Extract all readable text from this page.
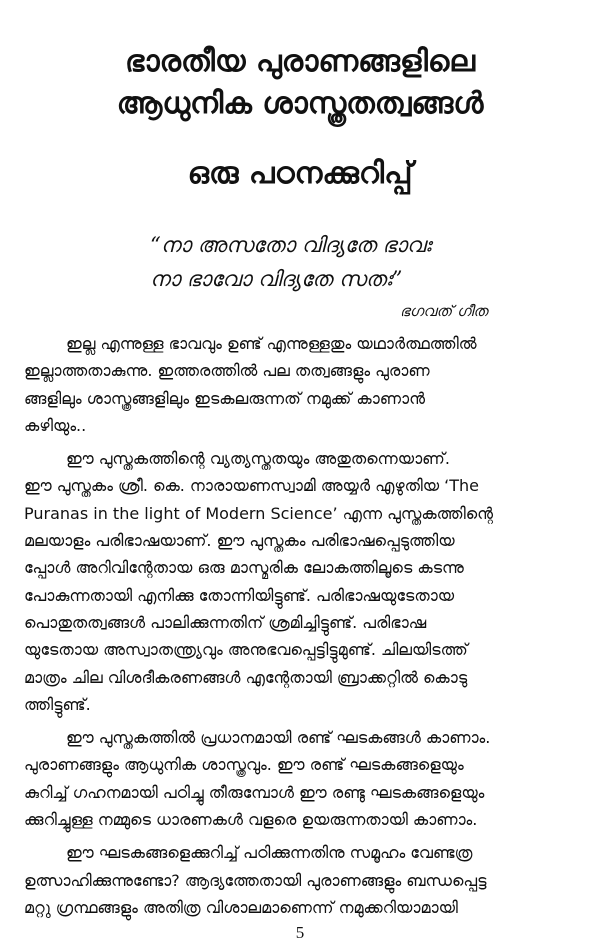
ഭാരതീയ പുരാണങ്ങളിലെ
ആധുനിക ശാസ്ത്രതത്വങ്ങൾ
ഒരു പഠനക്കുറിപ്പ്
“നാ അസതോ വിദ്യതേ ഭാവഃ
നാ ഭാവോ വിദ്യതേ സതഃ”
ഭഗവത് ഗീത
ഇല്ല എന്നുള്ള ഭാവവും ഉണ്ട് എന്നുള്ളതും യഥാർത്ഥത്തിൽ
ഇല്ലാത്തതാകുന്നു. ഇത്തരത്തിൽ പല തത്വങ്ങളും പുരാണ
ങ്ങളിലും ശാസ്ത്രങ്ങളിലും ഇടകലരുന്നത് നമുക്ക് കാണാൻ
കഴിയും..
ഈ പുസ്തകത്തിന്റെ വ്യത്യസ്തതയും അതുതന്നെയാണ്.
ഈ പുസ്തകം ശ്രീ. കെ. നാരായണസ്വാമി അയ്യർ എഴുതിയ ‘The
Puranas in the light of Modern Science’ എന്ന പുസ്തകത്തിന്റെ
മലയാളം പരിഭാഷയാണ്. ഈ പുസ്തകം പരിഭാഷപ്പെടുത്തിയ
പ്പോൾ അറിവിന്റേതായ ഒരു മാസ്മരിക ലോകത്തിലൂടെ കടന്നു
പോകുന്നതായി എനിക്കു തോന്നിയിട്ടുണ്ട്. പരിഭാഷയുടേതായ
പൊതുതത്വങ്ങൾ പാലിക്കുന്നതിന് ശ്രമിച്ചിട്ടുണ്ട്. പരിഭാഷ
യുടേതായ അസ്വാതന്ത്ര്യവും അനുഭവപ്പെട്ടിട്ടുമുണ്ട്. ചിലയിടത്ത്
മാത്രം ചില വിശദീകരണങ്ങൾ എന്റേതായി ബ്രാക്കറ്റിൽ കൊടു
ത്തിട്ടുണ്ട്.
ഈ പുസ്തകത്തിൽ പ്രധാനമായി രണ്ട് ഘടകങ്ങൾ കാണാം.
പുരാണങ്ങളും ആധുനിക ശാസ്ത്രവും. ഈ രണ്ട് ഘടകങ്ങളെയും
കുറിച്ച് ഗഹനമായി പഠിച്ചു തീരുമ്പോൾ ഈ രണ്ടു ഘടകങ്ങളെയും
ക്കുറിച്ചുള്ള നമ്മുടെ ധാരണകൾ വളരെ ഉയരുന്നതായി കാണാം.
ഈ ഘടകങ്ങളെക്കുറിച്ച് പഠിക്കുന്നതിനു സമൂഹം വേണ്ടത്ര
ഉത്സാഹിക്കുന്നുണ്ടോ? ആദ്യത്തേതായി പുരാണങ്ങളും ബന്ധപ്പെട്ട
മറ്റു ഗ്രന്ഥങ്ങളും അതിത്ര വിശാലമാണെന്ന് നമുക്കറിയാമായി
5
